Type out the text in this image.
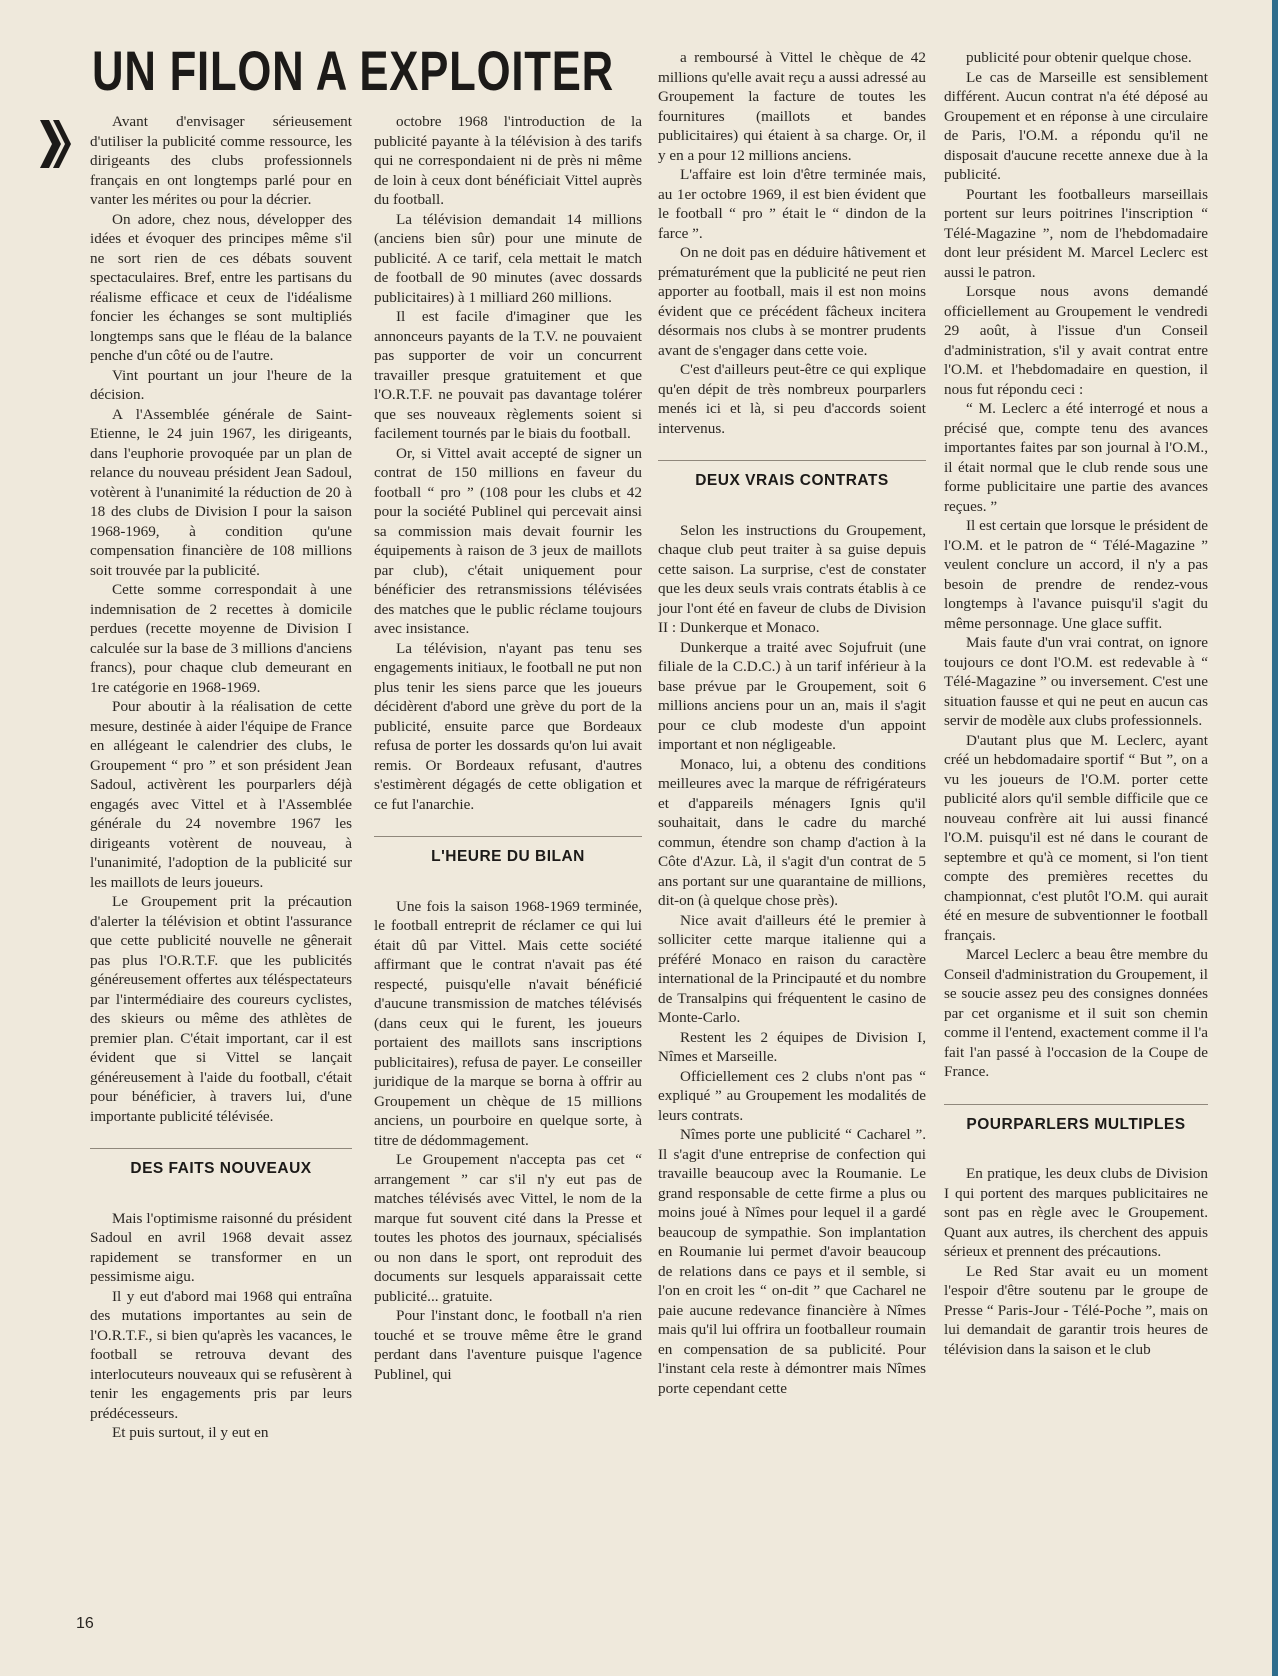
UN FILON A EXPLOITER

Avant d'envisager sérieusement d'utiliser la publicité comme ressource, les dirigeants des clubs professionnels français en ont longtemps parlé pour en vanter les mérites ou pour la décrier.

On adore, chez nous, développer des idées et évoquer des principes même s'il ne sort rien de ces débats souvent spectaculaires. Bref, entre les partisans du réalisme efficace et ceux de l'idéalisme foncier les échanges se sont multipliés longtemps sans que le fléau de la balance penche d'un côté ou de l'autre.

Vint pourtant un jour l'heure de la décision.

A l'Assemblée générale de Saint-Etienne, le 24 juin 1967, les dirigeants, dans l'euphorie provoquée par un plan de relance du nouveau président Jean Sadoul, votèrent à l'unanimité la réduction de 20 à 18 des clubs de Division I pour la saison 1968-1969, à condition qu'une compensation financière de 108 millions soit trouvée par la publicité.

Cette somme correspondait à une indemnisation de 2 recettes à domicile perdues (recette moyenne de Division I calculée sur la base de 3 millions d'anciens francs), pour chaque club demeurant en 1re catégorie en 1968-1969.

Pour aboutir à la réalisation de cette mesure, destinée à aider l'équipe de France en allégeant le calendrier des clubs, le Groupement “ pro ” et son président Jean Sadoul, activèrent les pourparlers déjà engagés avec Vittel et à l'Assemblée générale du 24 novembre 1967 les dirigeants votèrent de nouveau, à l'unanimité, l'adoption de la publicité sur les maillots de leurs joueurs.

Le Groupement prit la précaution d'alerter la télévision et obtint l'assurance que cette publicité nouvelle ne gênerait pas plus l'O.R.T.F. que les publicités généreusement offertes aux téléspectateurs par l'intermédiaire des coureurs cyclistes, des skieurs ou même des athlètes de premier plan. C'était important, car il est évident que si Vittel se lançait généreusement à l'aide du football, c'était pour bénéficier, à travers lui, d'une importante publicité télévisée.

DES FAITS NOUVEAUX

Mais l'optimisme raisonné du président Sadoul en avril 1968 devait assez rapidement se transformer en un pessimisme aigu.

Il y eut d'abord mai 1968 qui entraîna des mutations importantes au sein de l'O.R.T.F., si bien qu'après les vacances, le football se retrouva devant des interlocuteurs nouveaux qui se refusèrent à tenir les engagements pris par leurs prédécesseurs.

Et puis surtout, il y eut en

octobre 1968 l'introduction de la publicité payante à la télévision à des tarifs qui ne correspondaient ni de près ni même de loin à ceux dont bénéficiait Vittel auprès du football.

La télévision demandait 14 millions (anciens bien sûr) pour une minute de publicité. A ce tarif, cela mettait le match de football de 90 minutes (avec dossards publicitaires) à 1 milliard 260 millions.

Il est facile d'imaginer que les annonceurs payants de la T.V. ne pouvaient pas supporter de voir un concurrent travailler presque gratuitement et que l'O.R.T.F. ne pouvait pas davantage tolérer que ses nouveaux règlements soient si facilement tournés par le biais du football.

Or, si Vittel avait accepté de signer un contrat de 150 millions en faveur du football “ pro ” (108 pour les clubs et 42 pour la société Publinel qui percevait ainsi sa commission mais devait fournir les équipements à raison de 3 jeux de maillots par club), c'était uniquement pour bénéficier des retransmissions télévisées des matches que le public réclame toujours avec insistance.

La télévision, n'ayant pas tenu ses engagements initiaux, le football ne put non plus tenir les siens parce que les joueurs décidèrent d'abord une grève du port de la publicité, ensuite parce que Bordeaux refusa de porter les dossards qu'on lui avait remis. Or Bordeaux refusant, d'autres s'estimèrent dégagés de cette obligation et ce fut l'anarchie.

L'HEURE DU BILAN

Une fois la saison 1968-1969 terminée, le football entreprit de réclamer ce qui lui était dû par Vittel. Mais cette société affirmant que le contrat n'avait pas été respecté, puisqu'elle n'avait bénéficié d'aucune transmission de matches télévisés (dans ceux qui le furent, les joueurs portaient des maillots sans inscriptions publicitaires), refusa de payer. Le conseiller juridique de la marque se borna à offrir au Groupement un chèque de 15 millions anciens, un pourboire en quelque sorte, à titre de dédommagement.

Le Groupement n'accepta pas cet “ arrangement ” car s'il n'y eut pas de matches télévisés avec Vittel, le nom de la marque fut souvent cité dans la Presse et toutes les photos des journaux, spécialisés ou non dans le sport, ont reproduit des documents sur lesquels apparaissait cette publicité... gratuite.

Pour l'instant donc, le football n'a rien touché et se trouve même être le grand perdant dans l'aventure puisque l'agence Publinel, qui

a remboursé à Vittel le chèque de 42 millions qu'elle avait reçu a aussi adressé au Groupement la facture de toutes les fournitures (maillots et bandes publicitaires) qui étaient à sa charge. Or, il y en a pour 12 millions anciens.

L'affaire est loin d'être terminée mais, au 1er octobre 1969, il est bien évident que le football “ pro ” était le “ dindon de la farce ”.

On ne doit pas en déduire hâtivement et prématurément que la publicité ne peut rien apporter au football, mais il est non moins évident que ce précédent fâcheux incitera désormais nos clubs à se montrer prudents avant de s'engager dans cette voie.

C'est d'ailleurs peut-être ce qui explique qu'en dépit de très nombreux pourparlers menés ici et là, si peu d'accords soient intervenus.

DEUX VRAIS CONTRATS

Selon les instructions du Groupement, chaque club peut traiter à sa guise depuis cette saison. La surprise, c'est de constater que les deux seuls vrais contrats établis à ce jour l'ont été en faveur de clubs de Division II : Dunkerque et Monaco.

Dunkerque a traité avec Sojufruit (une filiale de la C.D.C.) à un tarif inférieur à la base prévue par le Groupement, soit 6 millions anciens pour un an, mais il s'agit pour ce club modeste d'un appoint important et non négligeable.

Monaco, lui, a obtenu des conditions meilleures avec la marque de réfrigérateurs et d'appareils ménagers Ignis qu'il souhaitait, dans le cadre du marché commun, étendre son champ d'action à la Côte d'Azur. Là, il s'agit d'un contrat de 5 ans portant sur une quarantaine de millions, dit-on (à quelque chose près).

Nice avait d'ailleurs été le premier à solliciter cette marque italienne qui a préféré Monaco en raison du caractère international de la Principauté et du nombre de Transalpins qui fréquentent le casino de Monte-Carlo.

Restent les 2 équipes de Division I, Nîmes et Marseille.

Officiellement ces 2 clubs n'ont pas “ expliqué ” au Groupement les modalités de leurs contrats.

Nîmes porte une publicité “ Cacharel ”. Il s'agit d'une entreprise de confection qui travaille beaucoup avec la Roumanie. Le grand responsable de cette firme a plus ou moins joué à Nîmes pour lequel il a gardé beaucoup de sympathie. Son implantation en Roumanie lui permet d'avoir beaucoup de relations dans ce pays et il semble, si l'on en croit les “ on-dit ” que Cacharel ne paie aucune redevance financière à Nîmes mais qu'il lui offrira un footballeur roumain en compensation de sa publicité. Pour l'instant cela reste à démontrer mais Nîmes porte cependant cette

publicité pour obtenir quelque chose.

Le cas de Marseille est sensiblement différent. Aucun contrat n'a été déposé au Groupement et en réponse à une circulaire de Paris, l'O.M. a répondu qu'il ne disposait d'aucune recette annexe due à la publicité.

Pourtant les footballeurs marseillais portent sur leurs poitrines l'inscription “ Télé-Magazine ”, nom de l'hebdomadaire dont leur président M. Marcel Leclerc est aussi le patron.

Lorsque nous avons demandé officiellement au Groupement le vendredi 29 août, à l'issue d'un Conseil d'administration, s'il y avait contrat entre l'O.M. et l'hebdomadaire en question, il nous fut répondu ceci :

“ M. Leclerc a été interrogé et nous a précisé que, compte tenu des avances importantes faites par son journal à l'O.M., il était normal que le club rende sous une forme publicitaire une partie des avances reçues. ”

Il est certain que lorsque le président de l'O.M. et le patron de “ Télé-Magazine ” veulent conclure un accord, il n'y a pas besoin de prendre de rendez-vous longtemps à l'avance puisqu'il s'agit du même personnage. Une glace suffit.

Mais faute d'un vrai contrat, on ignore toujours ce dont l'O.M. est redevable à “ Télé-Magazine ” ou inversement. C'est une situation fausse et qui ne peut en aucun cas servir de modèle aux clubs professionnels.

D'autant plus que M. Leclerc, ayant créé un hebdomadaire sportif “ But ”, on a vu les joueurs de l'O.M. porter cette publicité alors qu'il semble difficile que ce nouveau confrère ait lui aussi financé l'O.M. puisqu'il est né dans le courant de septembre et qu'à ce moment, si l'on tient compte des premières recettes du championnat, c'est plutôt l'O.M. qui aurait été en mesure de subventionner le football français.

Marcel Leclerc a beau être membre du Conseil d'administration du Groupement, il se soucie assez peu des consignes données par cet organisme et il suit son chemin comme il l'entend, exactement comme il l'a fait l'an passé à l'occasion de la Coupe de France.

POURPARLERS MULTIPLES

En pratique, les deux clubs de Division I qui portent des marques publicitaires ne sont pas en règle avec le Groupement. Quant aux autres, ils cherchent des appuis sérieux et prennent des précautions.

Le Red Star avait eu un moment l'espoir d'être soutenu par le groupe de Presse “ Paris-Jour - Télé-Poche ”, mais on lui demandait de garantir trois heures de télévision dans la saison et le club

16
